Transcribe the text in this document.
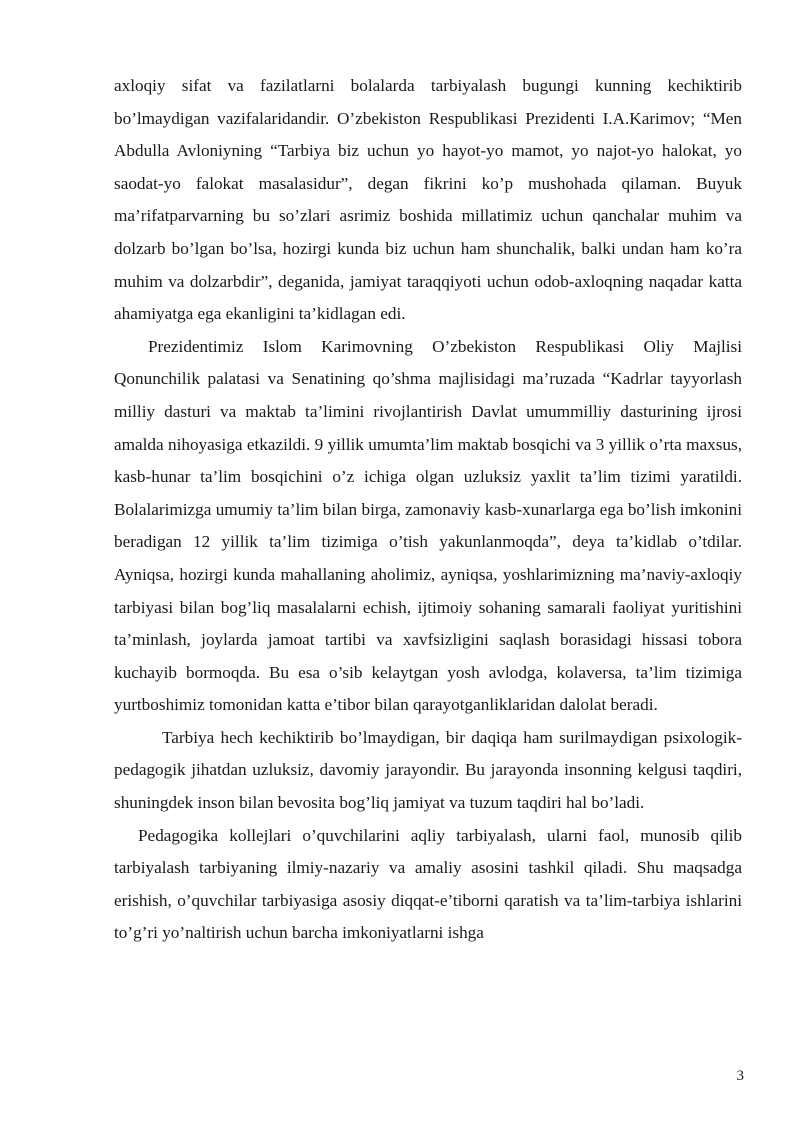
axloqiy sifat va fazilatlarni bolalarda tarbiyalash bugungi kunning kechiktirib bo’lmaydigan vazifalaridandir. O’zbekiston Respublikasi Prezidenti I.A.Karimov; “Men Abdulla Avloniyning “Tarbiya biz uchun yo hayot-yo mamot, yo najot-yo halokat, yo saodat-yo falokat masalasidur”, degan fikrini ko’p mushohada qilaman. Buyuk ma’rifatparvarning bu so’zlari asrimiz boshida millatimiz uchun qanchalar muhim va dolzarb bo’lgan bo’lsa, hozirgi kunda biz uchun ham shunchalik, balki undan ham ko’ra muhim va dolzarbdir”, deganida, jamiyat taraqqiyoti uchun odob-axloqning naqadar katta ahamiyatga ega ekanligini ta’kidlagan edi.

Prezidentimiz Islom Karimovning O’zbekiston Respublikasi Oliy Majlisi Qonunchilik palatasi va Senatining qo’shma majlisidagi ma’ruzada “Kadrlar tayyorlash milliy dasturi va maktab ta’limini rivojlantirish Davlat umummilliy dasturining ijrosi amalda nihoyasiga etkazildi. 9 yillik umumta’lim maktab bosqichi va 3 yillik o’rta maxsus, kasb-hunar ta’lim bosqichini o’z ichiga olgan uzluksiz yaxlit ta’lim tizimi yaratildi. Bolalarimizga umumiy ta’lim bilan birga, zamonaviy kasb-xunarlarga ega bo’lish imkonini beradigan 12 yillik ta’lim tizimiga o’tish yakunlanmoqda”, deya ta’kidlab o’tdilar. Ayniqsa, hozirgi kunda mahallaning aholimiz, ayniqsa, yoshlarimizning ma’naviy-axloqiy tarbiyasi bilan bog’liq masalalarni echish, ijtimoiy sohaning samarali faoliyat yuritishini ta’minlash, joylarda jamoat tartibi va xavfsizligini saqlash borasidagi hissasi tobora kuchayib bormoqda. Bu esa o’sib kelaytgan yosh avlodga, kolaversa, ta’lim tizimiga yurtboshimiz tomonidan katta e’tibor bilan qarayotganliklaridan dalolat beradi.

Tarbiya hech kechiktirib bo’lmaydigan, bir daqiqa ham surilmaydigan psixologik-pedagogik jihatdan uzluksiz, davomiy jarayondir. Bu jarayonda insonning kelgusi taqdiri, shuningdek inson bilan bevosita bog’liq jamiyat va tuzum taqdiri hal bo’ladi.

Pedagogika kollejlari o’quvchilarini aqliy tarbiyalash, ularni faol, munosib qilib tarbiyalash tarbiyaning ilmiy-nazariy va amaliy asosini tashkil qiladi. Shu maqsadga erishish, o’quvchilar tarbiyasiga asosiy diqqat-e’tiborni qaratish va ta’lim-tarbiya ishlarini to’g’ri yo’naltirish uchun barcha imkoniyatlarni ishga

3
